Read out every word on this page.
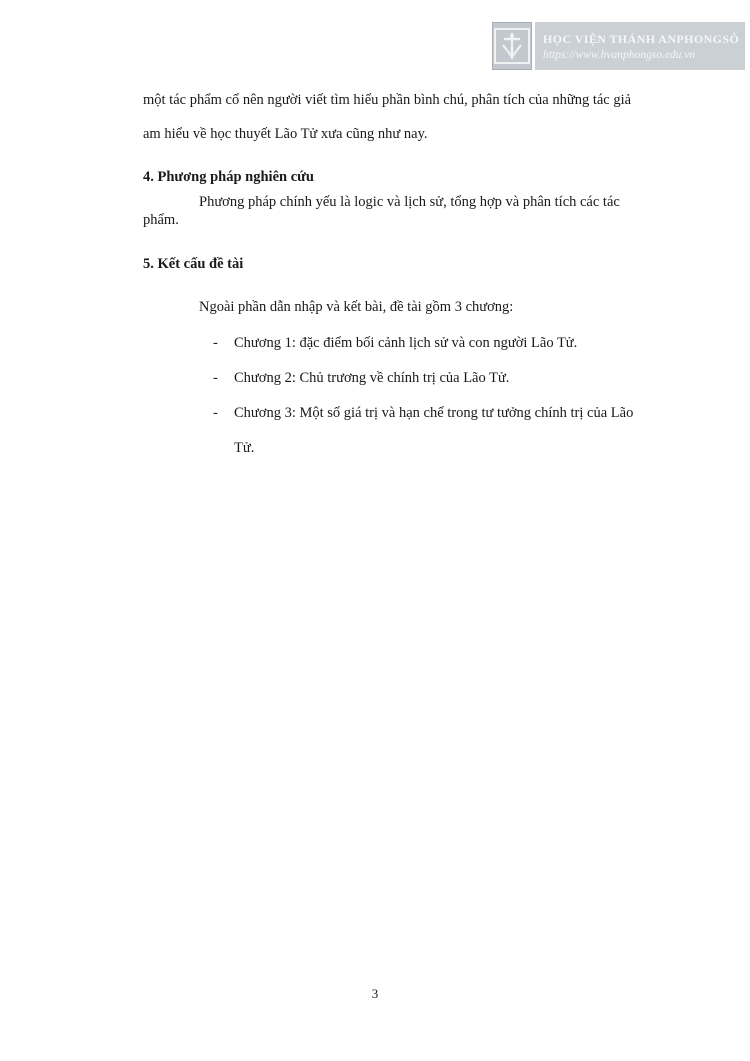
HỌC VIỆN THÁNH ANPHONGSÔ
https://www.hvanphongso.edu.vn
một tác phẩm cổ nên người viết tìm hiểu phần bình chú, phân tích của những tác giả
am hiểu về học thuyết Lão Tử xưa cũng như nay.
4. Phương pháp nghiên cứu
Phương pháp chính yếu là logic và lịch sử, tổng hợp và phân tích các tác
phẩm.
5. Kết cấu đề tài
Ngoài phần dẫn nhập và kết bài, đề tài gồm 3 chương:
- Chương 1: đặc điểm bối cảnh lịch sử và con người Lão Tử.
- Chương 2: Chủ trương về chính trị của Lão Tử.
- Chương 3: Một số giá trị và hạn chế trong tư tưởng chính trị của Lão
Tử.
3
